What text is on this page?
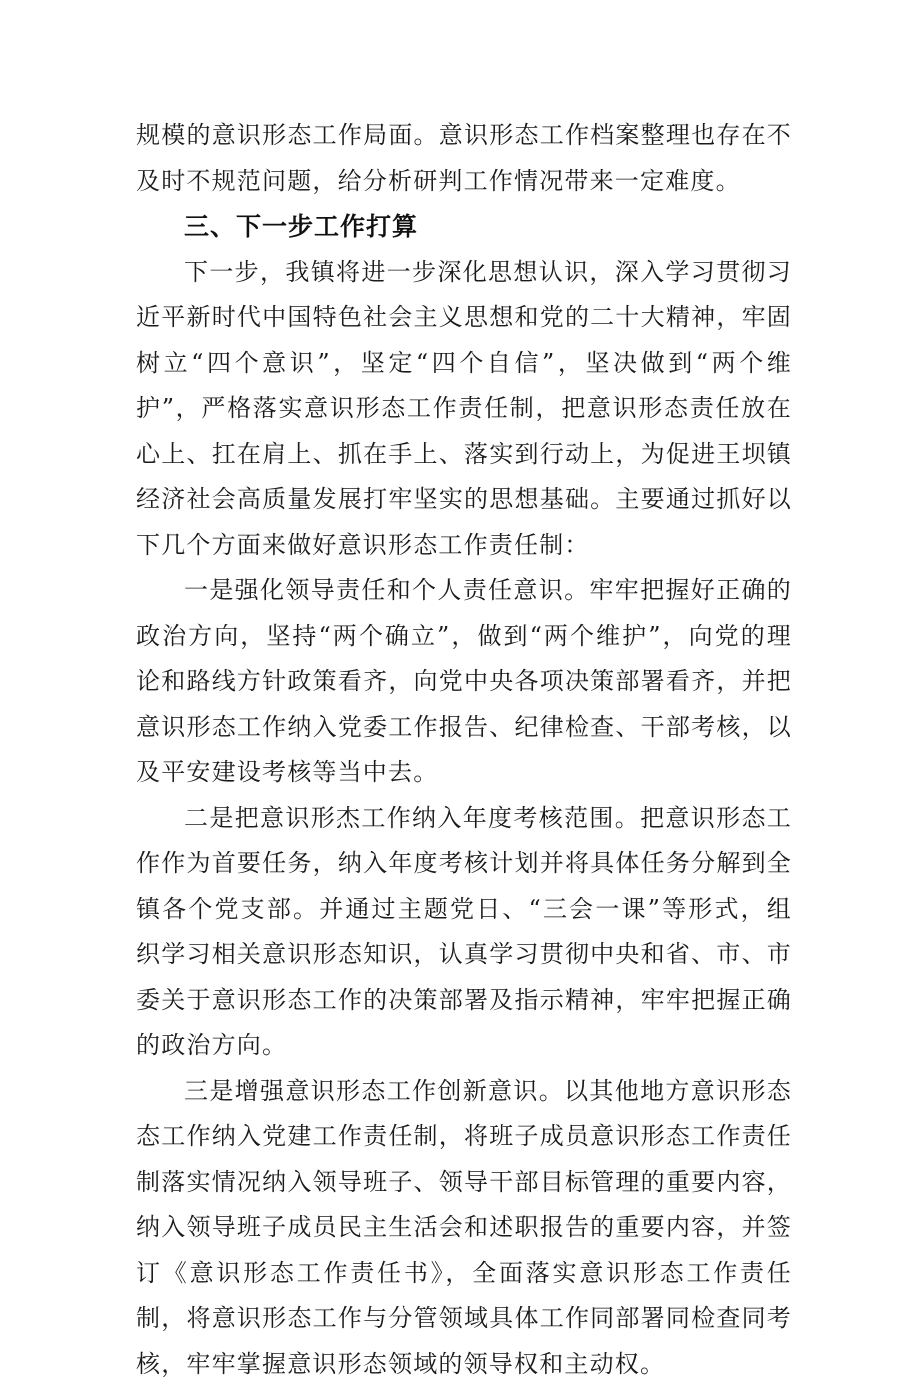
规模的意识形态工作局面。意识形态工作档案整理也存在不及时不规范问题，给分析研判工作情况带来一定难度。

三、下一步工作打算

下一步，我镇将进一步深化思想认识，深入学习贯彻习近平新时代中国特色社会主义思想和党的二十大精神，牢固树立“四个意识”，坚定“四个自信”，坚决做到“两个维护”，严格落实意识形态工作责任制，把意识形态责任放在心上、扛在肩上、抓在手上、落实到行动上，为促进王坝镇经济社会高质量发展打牢坚实的思想基础。主要通过抓好以下几个方面来做好意识形态工作责任制：

一是强化领导责任和个人责任意识。牢牢把握好正确的政治方向，坚持“两个确立”，做到“两个维护”，向党的理论和路线方针政策看齐，向党中央各项决策部署看齐，并把意识形态工作纳入党委工作报告、纪律检查、干部考核，以及平安建设考核等当中去。

二是把意识形杰工作纳入年度考核范围。把意识形态工作作为首要任务，纳入年度考核计划并将具体任务分解到全镇各个党支部。并通过主题党日、“三会一课”等形式，组织学习相关意识形态知识，认真学习贯彻中央和省、市、市委关于意识形态工作的决策部署及指示精神，牢牢把握正确的政治方向。

三是增强意识形态工作创新意识。以其他地方意识形态态工作纳入党建工作责任制，将班子成员意识形态工作责任制落实情况纳入领导班子、领导干部目标管理的重要内容，纳入领导班子成员民主生活会和述职报告的重要内容，并签订《意识形态工作责任书》，全面落实意识形态工作责任制，将意识形态工作与分管领域具体工作同部署同检查同考核，牢牢掌握意识形态领域的领导权和主动权。
